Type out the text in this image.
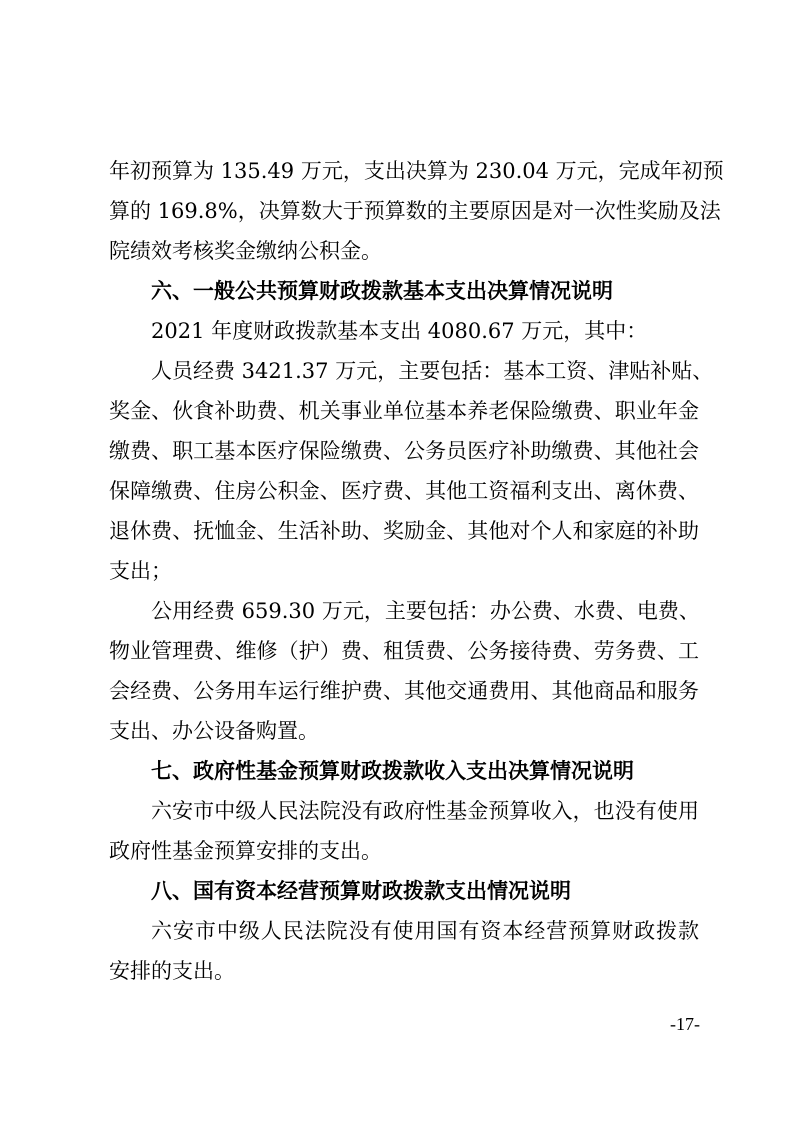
年初预算为 135.49 万元，支出决算为 230.04 万元，完成年初预
算的 169.8%，决算数大于预算数的主要原因是对一次性奖励及法
院绩效考核奖金缴纳公积金。
六、一般公共预算财政拨款基本支出决算情况说明
2021 年度财政拨款基本支出 4080.67 万元，其中：
人员经费 3421.37 万元，主要包括：基本工资、津贴补贴、
奖金、伙食补助费、机关事业单位基本养老保险缴费、职业年金
缴费、职工基本医疗保险缴费、公务员医疗补助缴费、其他社会
保障缴费、住房公积金、医疗费、其他工资福利支出、离休费、
退休费、抚恤金、生活补助、奖励金、其他对个人和家庭的补助
支出；
公用经费 659.30 万元，主要包括：办公费、水费、电费、
物业管理费、维修（护）费、租赁费、公务接待费、劳务费、工
会经费、公务用车运行维护费、其他交通费用、其他商品和服务
支出、办公设备购置。
七、政府性基金预算财政拨款收入支出决算情况说明
六安市中级人民法院没有政府性基金预算收入，也没有使用
政府性基金预算安排的支出。
八、国有资本经营预算财政拨款支出情况说明
六安市中级人民法院没有使用国有资本经营预算财政拨款
安排的支出。
-17-
